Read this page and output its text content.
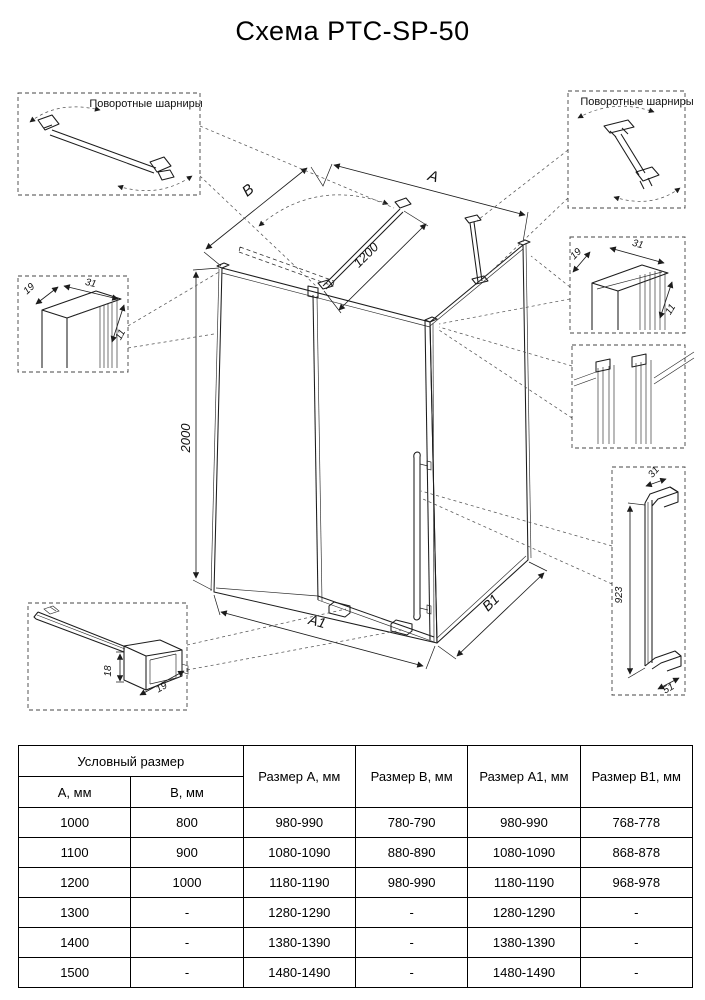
Схема PTC-SP-50
A
B
1200
2000
A1
B1
Поворотные шарниры	Поворотные шарниры
19	31
11
19
31
11
18
19
31
923
51
Условный размер		Размер А, мм	Размер В, мм	Размер А1, мм	Размер В1, мм
А, мм	В, мм				
1000	800	980-990	780-790	980-990	768-778
1100	900	1080-1090	880-890	1080-1090	868-878
1200	1000	1180-1190	980-990	1180-1190	968-978
1300	-	1280-1290	-	1280-1290	-
1400	-	1380-1390	-	1380-1390	-
1500	-	1480-1490	-	1480-1490	-
